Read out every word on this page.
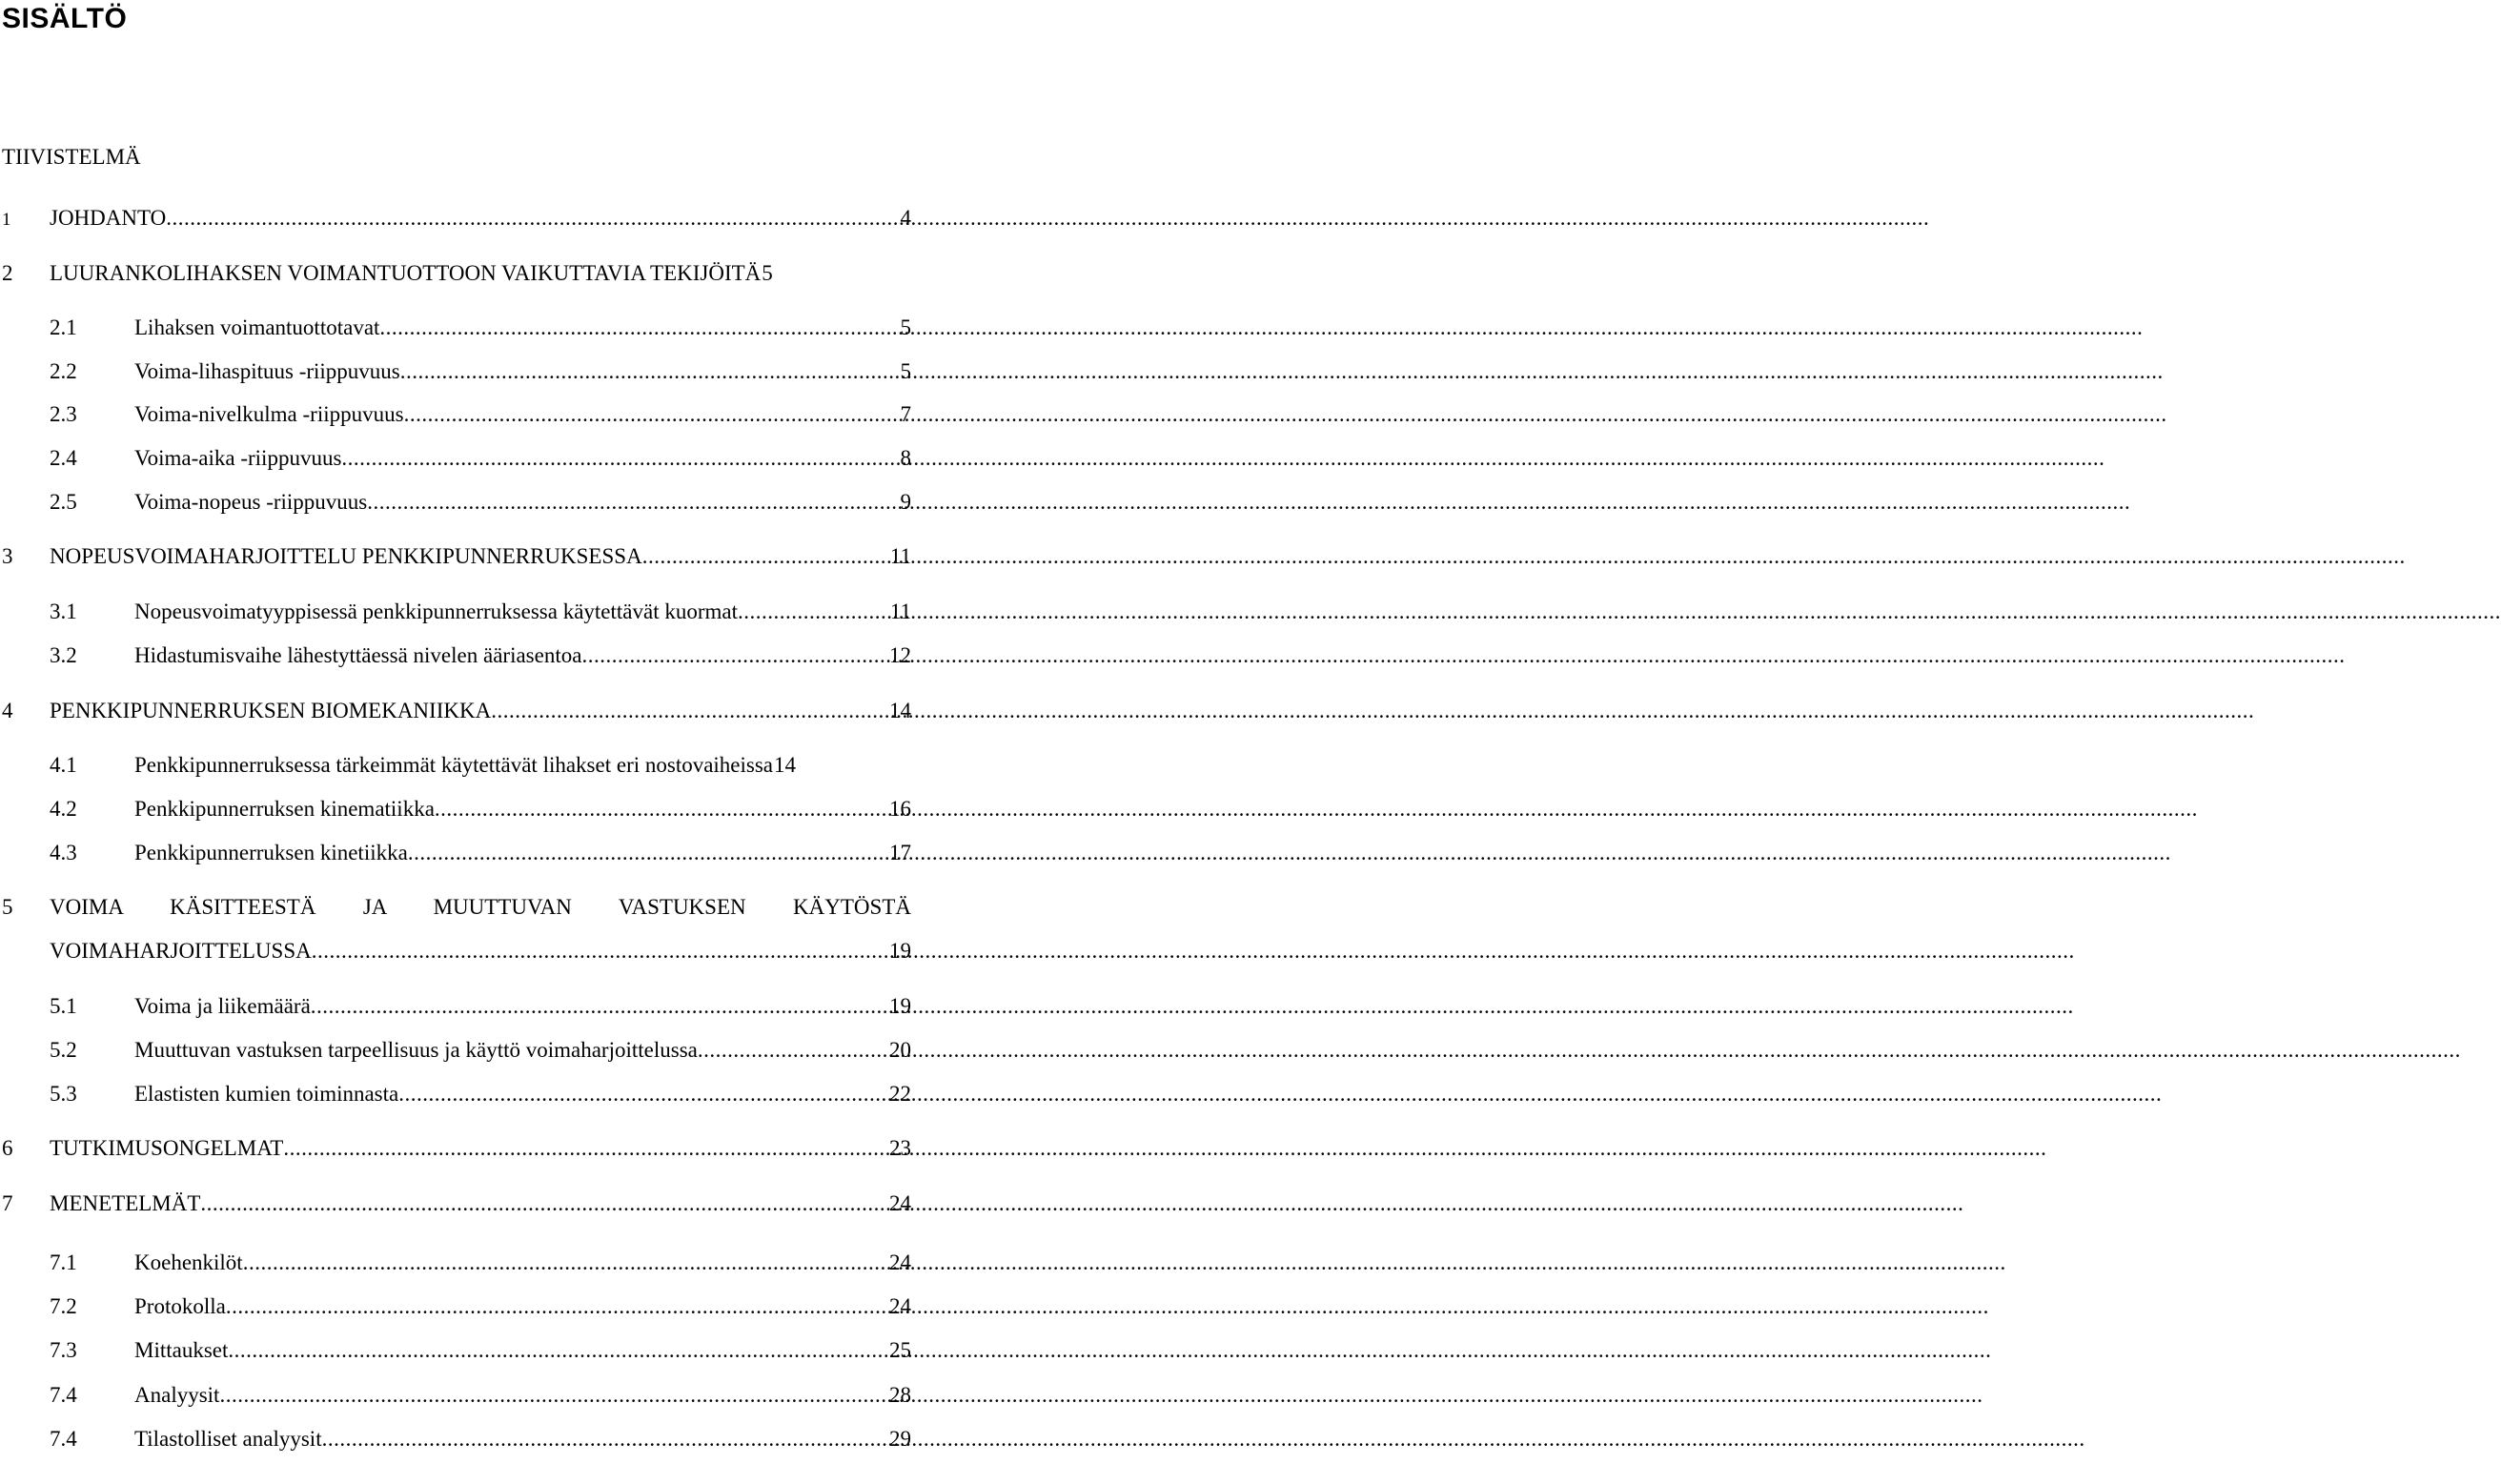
SISÄLTÖ
TIIVISTELMÄ
1	JOHDANTO .....	4
2	LUURANKOLIHAKSEN VOIMANTUOTTOON VAIKUTTAVIA TEKIJÖITÄ 5
2.1	Lihaksen voimantuottotavat .....	5
2.2	Voima-lihaspituus -riippuvuus .....	5
2.3	Voima-nivelkulma -riippuvuus .....	7
2.4	Voima-aika -riippuvuus .....	8
2.5	Voima-nopeus -riippuvuus .....	9
3	NOPEUSVOIMAHARJOITTELU PENKKIPUNNERRUKSESSA .....	11
3.1	Nopeusvoimatyyppisessä penkkipunnerruksessa käytettävät kuormat .....	11
3.2	Hidastumisvaihe lähestyttäessä nivelen ääriasentoa .....	12
4	PENKKIPUNNERRUKSEN BIOMEKANIIKKA .....	14
4.1	Penkkipunnerruksessa tärkeimmät käytettävät lihakset eri nostovaiheissa 14
4.2	Penkkipunnerruksen kinematiikka .....	16
4.3	Penkkipunnerruksen kinetiikka .....	17
5	VOIMA KÄSITTEESTÄ JA MUUTTUVAN VASTUKSEN KÄYTÖSTÄ
VOIMAHARJOITTELUSSA .....	19
5.1	Voima ja liikemäärä .....	19
5.2	Muuttuvan vastuksen tarpeellisuus ja käyttö voimaharjoittelussa .....	20
5.3	Elastisten kumien toiminnasta .....	22
6	TUTKIMUSONGELMAT .....	23
7	MENETELMÄT .....	24
7.1	Koehenkilöt .....	24
7.2	Protokolla .....	24
7.3	Mittaukset .....	25
7.4	Analyysit .....	28
7.4	Tilastolliset analyysit .....	29
